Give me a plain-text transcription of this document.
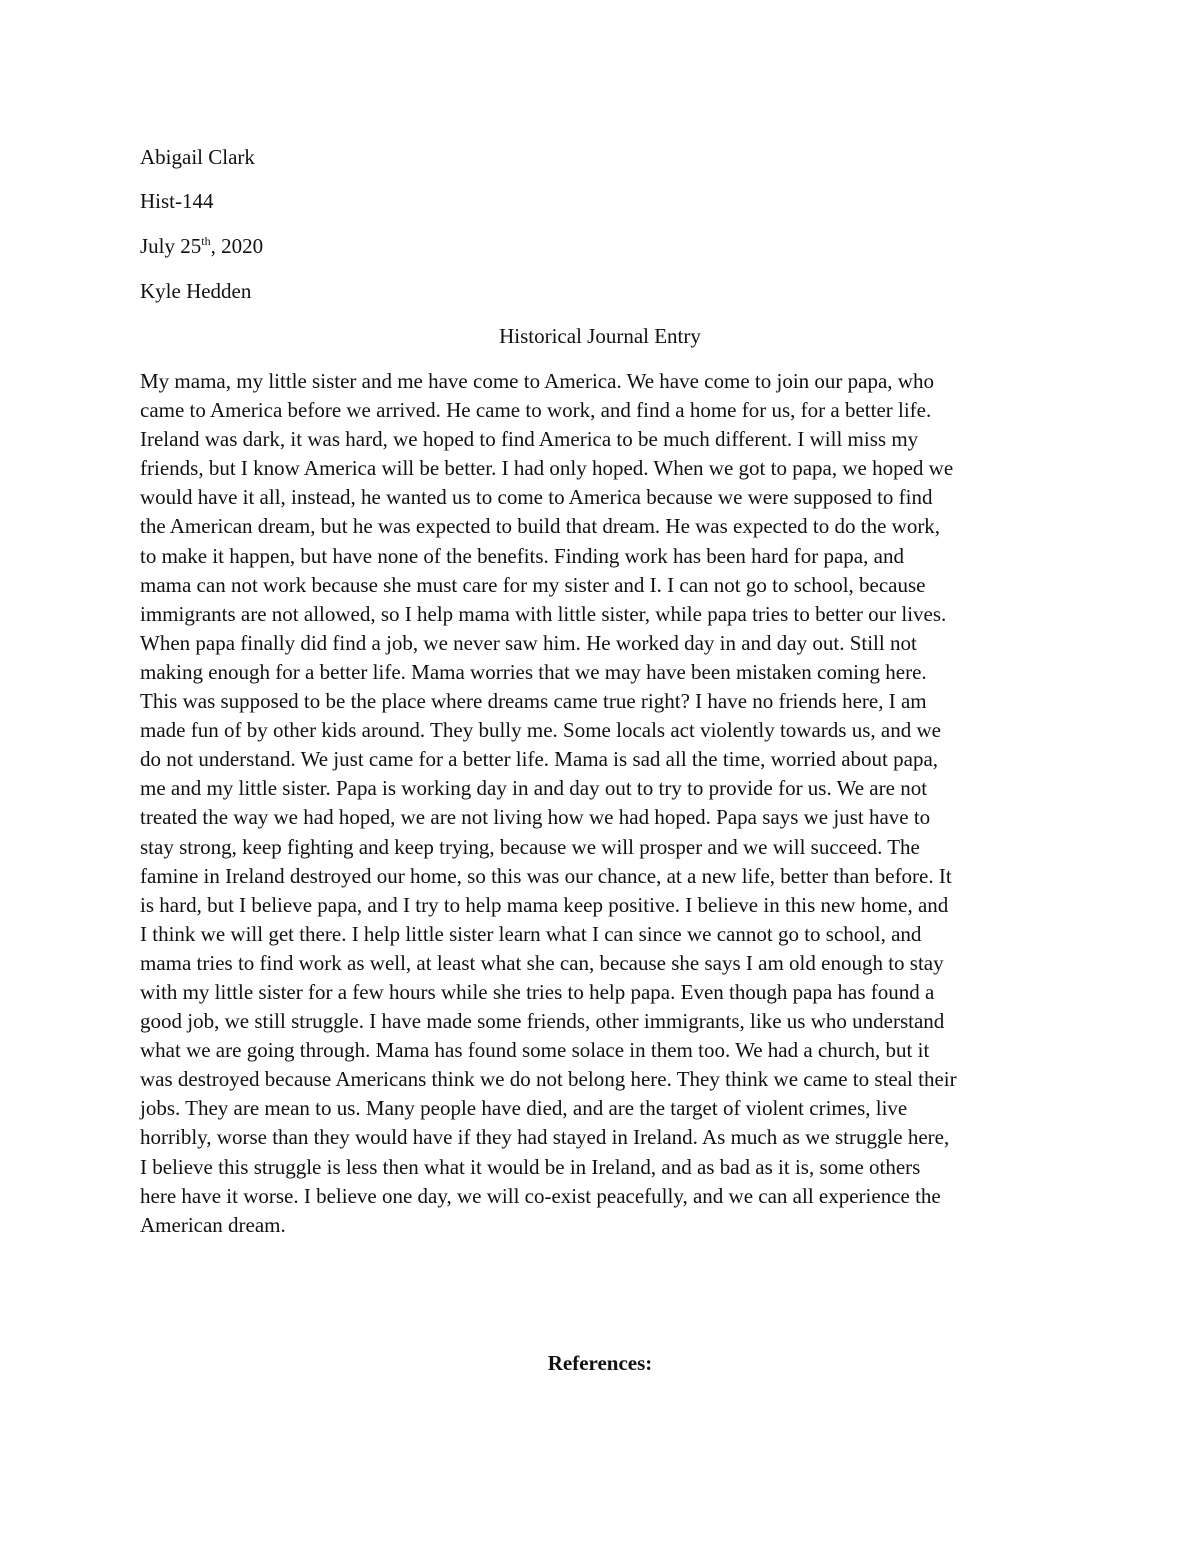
Abigail Clark
Hist-144
July 25th, 2020
Kyle Hedden
Historical Journal Entry
My mama, my little sister and me have come to America. We have come to join our papa, who
came to America before we arrived. He came to work, and find a home for us, for a better life.
Ireland was dark, it was hard, we hoped to find America to be much different. I will miss my
friends, but I know America will be better. I had only hoped. When we got to papa, we hoped we
would have it all, instead, he wanted us to come to America because we were supposed to find
the American dream, but he was expected to build that dream. He was expected to do the work,
to make it happen, but have none of the benefits. Finding work has been hard for papa, and
mama can not work because she must care for my sister and I. I can not go to school, because
immigrants are not allowed, so I help mama with little sister, while papa tries to better our lives.
When papa finally did find a job, we never saw him. He worked day in and day out. Still not
making enough for a better life. Mama worries that we may have been mistaken coming here.
This was supposed to be the place where dreams came true right? I have no friends here, I am
made fun of by other kids around. They bully me. Some locals act violently towards us, and we
do not understand. We just came for a better life. Mama is sad all the time, worried about papa,
me and my little sister. Papa is working day in and day out to try to provide for us. We are not
treated the way we had hoped, we are not living how we had hoped. Papa says we just have to
stay strong, keep fighting and keep trying, because we will prosper and we will succeed. The
famine in Ireland destroyed our home, so this was our chance, at a new life, better than before. It
is hard, but I believe papa, and I try to help mama keep positive. I believe in this new home, and
I think we will get there. I help little sister learn what I can since we cannot go to school, and
mama tries to find work as well, at least what she can, because she says I am old enough to stay
with my little sister for a few hours while she tries to help papa. Even though papa has found a
good job, we still struggle. I have made some friends, other immigrants, like us who understand
what we are going through. Mama has found some solace in them too. We had a church, but it
was destroyed because Americans think we do not belong here. They think we came to steal their
jobs. They are mean to us. Many people have died, and are the target of violent crimes, live
horribly, worse than they would have if they had stayed in Ireland. As much as we struggle here,
I believe this struggle is less then what it would be in Ireland, and as bad as it is, some others
here have it worse. I believe one day, we will co-exist peacefully, and we can all experience the
American dream.
References:
